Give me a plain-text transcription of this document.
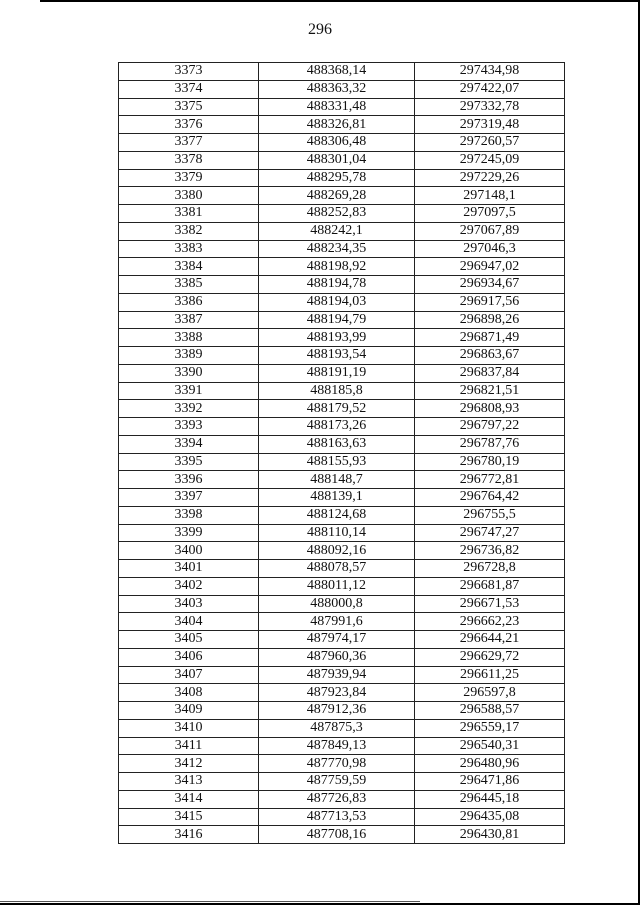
296
3373	488368,14	297434,98
3374	488363,32	297422,07
3375	488331,48	297332,78
3376	488326,81	297319,48
3377	488306,48	297260,57
3378	488301,04	297245,09
3379	488295,78	297229,26
3380	488269,28	297148,1
3381	488252,83	297097,5
3382	488242,1	297067,89
3383	488234,35	297046,3
3384	488198,92	296947,02
3385	488194,78	296934,67
3386	488194,03	296917,56
3387	488194,79	296898,26
3388	488193,99	296871,49
3389	488193,54	296863,67
3390	488191,19	296837,84
3391	488185,8	296821,51
3392	488179,52	296808,93
3393	488173,26	296797,22
3394	488163,63	296787,76
3395	488155,93	296780,19
3396	488148,7	296772,81
3397	488139,1	296764,42
3398	488124,68	296755,5
3399	488110,14	296747,27
3400	488092,16	296736,82
3401	488078,57	296728,8
3402	488011,12	296681,87
3403	488000,8	296671,53
3404	487991,6	296662,23
3405	487974,17	296644,21
3406	487960,36	296629,72
3407	487939,94	296611,25
3408	487923,84	296597,8
3409	487912,36	296588,57
3410	487875,3	296559,17
3411	487849,13	296540,31
3412	487770,98	296480,96
3413	487759,59	296471,86
3414	487726,83	296445,18
3415	487713,53	296435,08
3416	487708,16	296430,81
